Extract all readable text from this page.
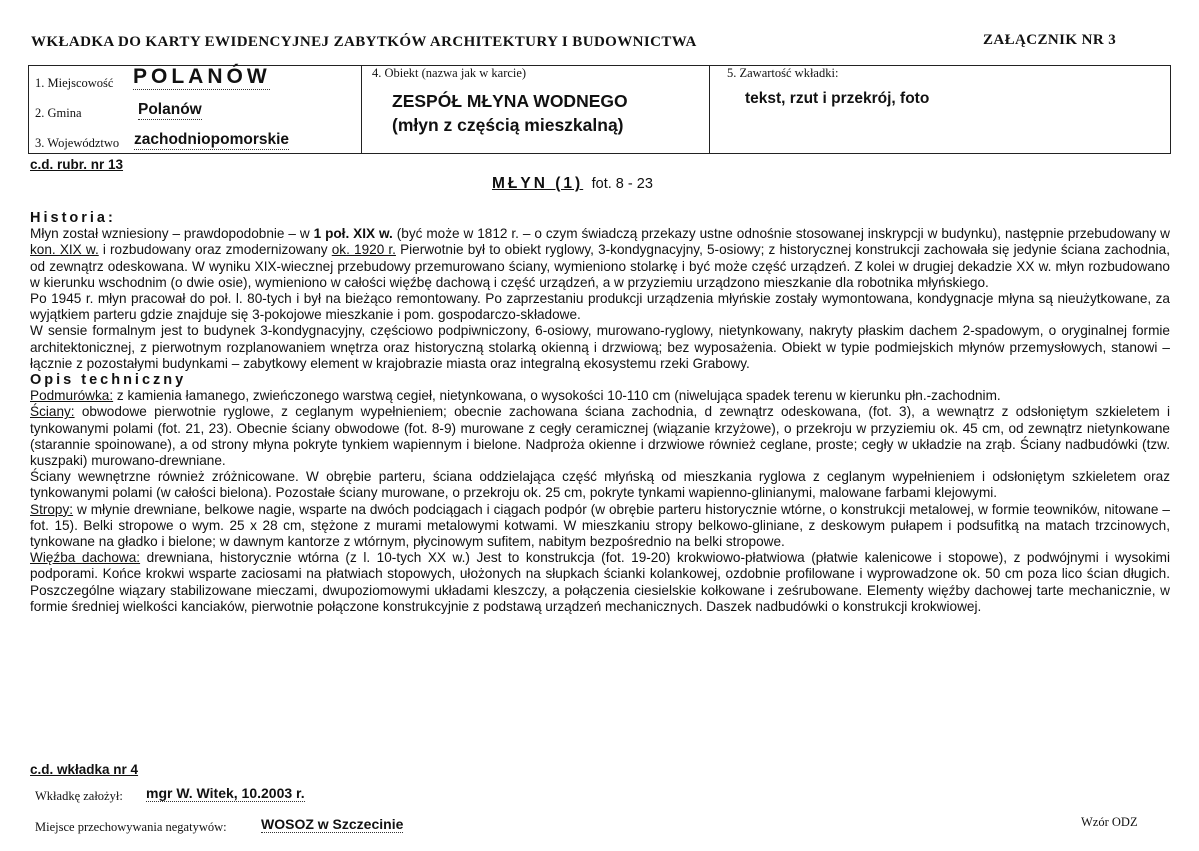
WKŁADKA DO KARTY EWIDENCYJNEJ ZABYTKÓW ARCHITEKTURY I BUDOWNICTWA	ZAŁĄCZNIK NR 3
1. Miejscowość POLANÓW
2. Gmina	Polanów
3. Województwo zachodniopomorskie
4. Obiekt (nazwa jak w karcie)
ZESPÓŁ MŁYNA WODNEGO
(młyn z częścią mieszkalną)
5. Zawartość wkładki:
tekst, rzut i przekrój, foto
c.d. rubr. nr 13
MŁYN (1) fot. 8 - 23
Historia:

Młyn został wzniesiony – prawdopodobnie – w 1 poł. XIX w. (być może w 1812 r. – o czym świadczą przekazy ustne odnośnie stosowanej inskrypcji w budynku), następnie przebudowany w kon. XIX w. i rozbudowany oraz zmodernizowany ok. 1920 r. Pierwotnie był to obiekt ryglowy, 3-kondygnacyjny, 5-osiowy; z historycznej konstrukcji zachowała się jedynie ściana zachodnia, od zewnątrz odeskowana. W wyniku XIX-wiecznej przebudowy przemurowano ściany, wymieniono stolarkę i być może część urządzeń. Z kolei w drugiej dekadzie XX w. młyn rozbudowano w kierunku wschodnim (o dwie osie), wymieniono w całości więźbę dachową i część urządzeń, a w przyziemiu urządzono mieszkanie dla robotnika młyńskiego.

Po 1945 r. młyn pracował do poł. l. 80-tych i był na bieżąco remontowany. Po zaprzestaniu produkcji urządzenia młyńskie zostały wymontowana, kondygnacje młyna są nieużytkowane, za wyjątkiem parteru gdzie znajduje się 3-pokojowe mieszkanie i pom. gospodarczo-składowe.

W sensie formalnym jest to budynek 3-kondygnacyjny, częściowo podpiwniczony, 6-osiowy, murowano-ryglowy, nietynkowany, nakryty płaskim dachem 2-spadowym, o oryginalnej formie architektonicznej, z pierwotnym rozplanowaniem wnętrza oraz historyczną stolarką okienną i drzwiową; bez wyposażenia. Obiekt w typie podmiejskich młynów przemysłowych, stanowi – łącznie z pozostałymi budynkami – zabytkowy element w krajobrazie miasta oraz integralną ekosystemu rzeki Grabowy.

Opis techniczny

Podmurówka: z kamienia łamanego, zwieńczonego warstwą cegieł, nietynkowana, o wysokości 10-110 cm (niwelująca spadek terenu w kierunku płn.-zachodnim.

Ściany: obwodowe pierwotnie ryglowe, z ceglanym wypełnieniem; obecnie zachowana ściana zachodnia, d zewnątrz odeskowana, (fot. 3), a wewnątrz z odsłoniętym szkieletem i tynkowanymi polami (fot. 21, 23). Obecnie ściany obwodowe (fot. 8-9) murowane z cegły ceramicznej (wiązanie krzyżowe), o przekroju w przyziemiu ok. 45 cm, od zewnątrz nietynkowane (starannie spoinowane), a od strony młyna pokryte tynkiem wapiennym i bielone. Nadproża okienne i drzwiowe również ceglane, proste; cegły w układzie na zrąb. Ściany nadbudówki (tzw. kuszpaki) murowano-drewniane.

Ściany wewnętrzne również zróżnicowane. W obrębie parteru, ściana oddzielająca część młyńską od mieszkania ryglowa z ceglanym wypełnieniem i odsłoniętym szkieletem oraz tynkowanymi polami (w całości bielona). Pozostałe ściany murowane, o przekroju ok. 25 cm, pokryte tynkami wapienno-glinianymi, malowane farbami klejowymi.

Stropy: w młynie drewniane, belkowe nagie, wsparte na dwóch podciągach i ciągach podpór (w obrębie parteru historycznie wtórne, o konstrukcji metalowej, w formie teowników, nitowane – fot. 15). Belki stropowe o wym. 25 x 28 cm, stężone z murami metalowymi kotwami. W mieszkaniu stropy belkowo-gliniane, z deskowym pułapem i podsufitką na matach trzcinowych, tynkowane na gładko i bielone; w dawnym kantorze z wtórnym, płycinowym sufitem, nabitym bezpośrednio na belki stropowe.

Więźba dachowa: drewniana, historycznie wtórna (z l. 10-tych XX w.) Jest to konstrukcja (fot. 19-20) krokwiowo-płatwiowa (płatwie kalenicowe i stopowe), z podwójnymi i wysokimi podporami. Końce krokwi wsparte zaciosami na płatwiach stopowych, ułożonych na słupkach ścianki kolankowej, ozdobnie profilowane i wyprowadzone ok. 50 cm poza lico ścian długich. Poszczególne wiązary stabilizowane mieczami, dwupoziomowymi układami kleszczy, a połączenia ciesielskie kołkowane i ześrubowane. Elementy więźby dachowej tarte mechanicznie, w formie średniej wielkości kanciaków, pierwotnie połączone konstrukcyjnie z podstawą urządzeń mechanicznych. Daszek nadbudówki o konstrukcji krokwiowej.

c.d. wkładka nr 4
Wkładkę założył: mgr W. Witek, 10.2003 r.
Miejsce przechowywania negatywów: WOSOZ w Szczecinie	Wzór ODZ
